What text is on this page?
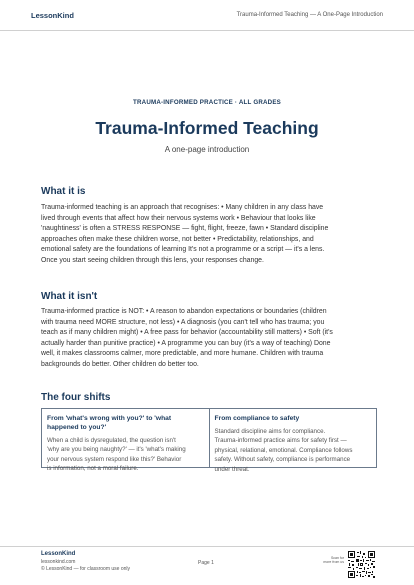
LessonKind	Trauma-Informed Teaching — A One-Page Introduction
TRAUMA-INFORMED PRACTICE · ALL GRADES
Trauma-Informed Teaching
A one-page introduction
What it is
Trauma-informed teaching is an approach that recognises: • Many children in any class have
lived through events that affect how their nervous systems work • Behaviour that looks like
'naughtiness' is often a STRESS RESPONSE — fight, flight, freeze, fawn • Standard discipline
approaches often make these children worse, not better • Predictability, relationships, and
emotional safety are the foundations of learning It's not a programme or a script — it's a lens.
Once you start seeing children through this lens, your responses change.
What it isn't
Trauma-informed practice is NOT: • A reason to abandon expectations or boundaries (children
with trauma need MORE structure, not less) • A diagnosis (you can't tell who has trauma; you
teach as if many children might) • A free pass for behavior (accountability still matters) • Soft (it's
actually harder than punitive practice) • A programme you can buy (it's a way of teaching) Done
well, it makes classrooms calmer, more predictable, and more humane. Children with trauma
backgrounds do better. Other children do better too.
The four shifts
From 'what's wrong with you?' to 'what
happened to you?'
When a child is dysregulated, the question isn't
'why are you being naughty?' — it's 'what's making
your nervous system respond like this?' Behavior
is information, not a moral failure.
From compliance to safety
Standard discipline aims for compliance.
Trauma-informed practice aims for safety first —
physical, relational, emotional. Compliance follows
safety. Without safety, compliance is performance
under threat.
LessonKind
lessonkind.com
© LessonKind — for classroom use only
Page 1
Scan for
more from us
